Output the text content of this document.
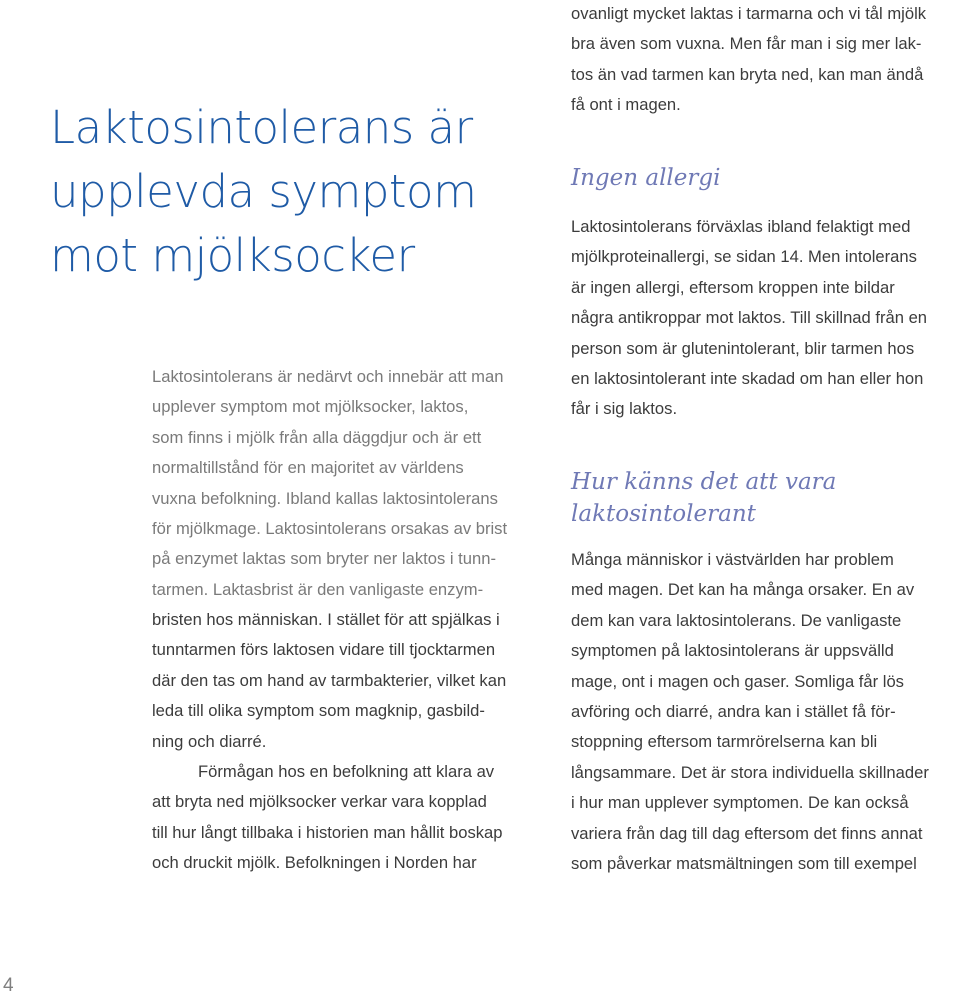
Laktosintolerans är
upplevda symptom
mot mjölksocker
Laktosintolerans är nedärvt och innebär att man
upplever symptom mot mjölksocker, laktos,
som finns i mjölk från alla däggdjur och är ett
normaltillstånd för en majoritet av världens
vuxna befolkning. Ibland kallas laktosintolerans
för mjölkmage. Laktosintolerans orsakas av brist
på enzymet laktas som bryter ner laktos i tunn-
tarmen. Laktasbrist är den vanligaste enzym-
bristen hos människan. I stället för att spjälkas i
tunntarmen förs laktosen vidare till tjocktarmen
där den tas om hand av tarmbakterier, vilket kan
leda till olika symptom som magknip, gasbild-
ning och diarré.
Förmågan hos en befolkning att klara av
att bryta ned mjölksocker verkar vara kopplad
till hur långt tillbaka i historien man hållit boskap
och druckit mjölk. Befolkningen i Norden har
ovanligt mycket laktas i tarmarna och vi tål mjölk
bra även som vuxna. Men får man i sig mer lak-
tos än vad tarmen kan bryta ned, kan man ändå
få ont i magen.
Ingen allergi
Laktosintolerans förväxlas ibland felaktigt med
mjölkproteinallergi, se sidan 14. Men intolerans
är ingen allergi, eftersom kroppen inte bildar
några antikroppar mot laktos. Till skillnad från en
person som är glutenintolerant, blir tarmen hos
en laktosintolerant inte skadad om han eller hon
får i sig laktos.
Hur känns det att vara
laktosintolerant
Många människor i västvärlden har problem
med magen. Det kan ha många orsaker. En av
dem kan vara laktosintolerans. De vanligaste
symptomen på laktosintolerans är uppsvälld
mage, ont i magen och gaser. Somliga får lös
avföring och diarré, andra kan i stället få för-
stoppning eftersom tarmrörelserna kan bli
långsammare. Det är stora individuella skillnader
i hur man upplever symptomen. De kan också
variera från dag till dag eftersom det finns annat
som påverkar matsmältningen som till exempel
4
